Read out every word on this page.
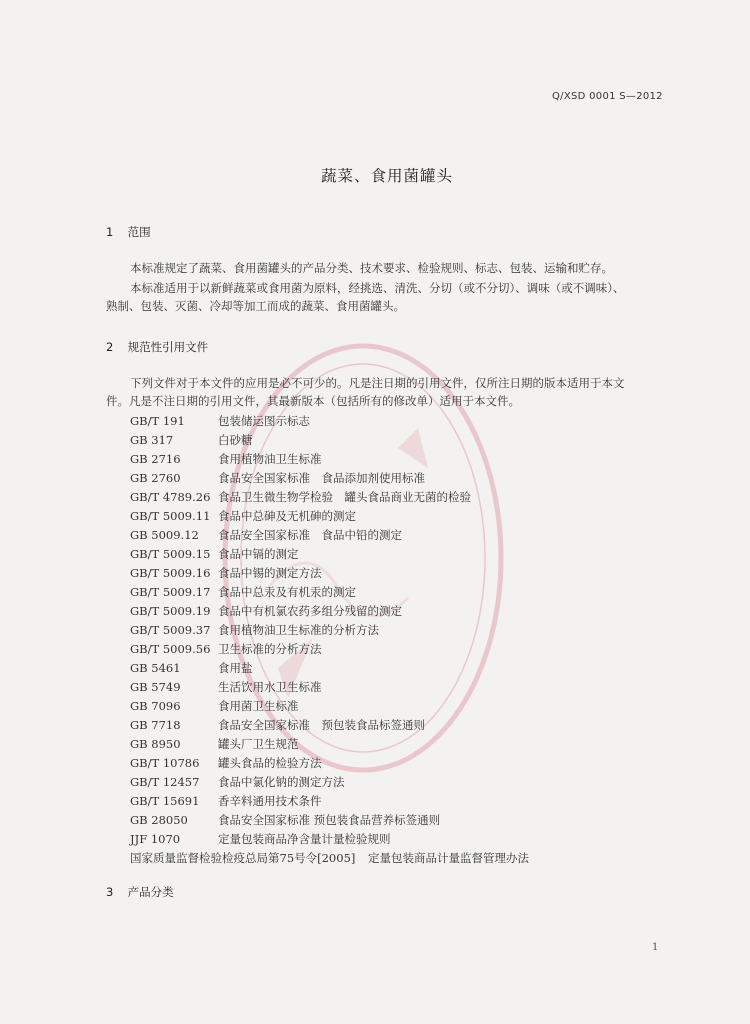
Q/XSD 0001 S—2012
蔬菜、食用菌罐头
1 范围
本标准规定了蔬菜、食用菌罐头的产品分类、技术要求、检验规则、标志、包装、运输和贮存。
本标准适用于以新鲜蔬菜或食用菌为原料，经挑选、清洗、分切（或不分切）、调味（或不调味）、
熟制、包装、灭菌、冷却等加工而成的蔬菜、食用菌罐头。
2 规范性引用文件
下列文件对于本文件的应用是必不可少的。凡是注日期的引用文件，仅所注日期的版本适用于本文
件。凡是不注日期的引用文件，其最新版本（包括所有的修改单）适用于本文件。
GB/T 191	包装储运图示标志
GB 317	白砂糖
GB 2716	食用植物油卫生标准
GB 2760	食品安全国家标准　食品添加剂使用标准
GB/T 4789.26 食品卫生微生物学检验　罐头食品商业无菌的检验
GB/T 5009.11 食品中总砷及无机砷的测定
GB 5009.12 食品安全国家标准　食品中铅的测定
GB/T 5009.15 食品中镉的测定
GB/T 5009.16 食品中锡的测定方法
GB/T 5009.17 食品中总汞及有机汞的测定
GB/T 5009.19 食品中有机氯农药多组分残留的测定
GB/T 5009.37 食用植物油卫生标准的分析方法
GB/T 5009.56 卫生标准的分析方法
GB 5461	食用盐
GB 5749	生活饮用水卫生标准
GB 7096	食用菌卫生标准
GB 7718	食品安全国家标准　预包装食品标签通则
GB 8950	罐头厂卫生规范
GB/T 10786 罐头食品的检验方法
GB/T 12457 食品中氯化钠的测定方法
GB/T 15691 香辛料通用技术条件
GB 28050	食品安全国家标准 预包装食品营养标签通则
JJF 1070	定量包装商品净含量计量检验规则
国家质量监督检验检疫总局第75号令[2005] 定量包装商品计量监督管理办法
3 产品分类
1
